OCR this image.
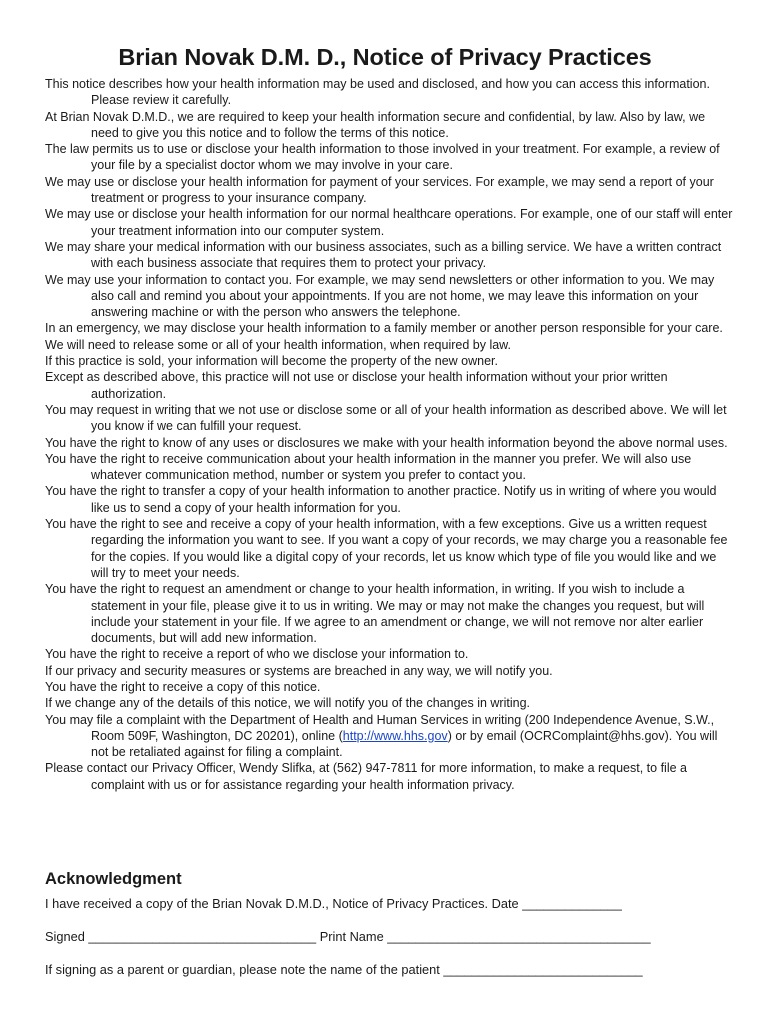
Brian Novak D.M. D., Notice of Privacy Practices

This notice describes how your health information may be used and disclosed, and how you can access this information. Please review it carefully.

At Brian Novak D.M.D., we are required to keep your health information secure and confidential, by law. Also by law, we need to give you this notice and to follow the terms of this notice.

The law permits us to use or disclose your health information to those involved in your treatment. For example, a review of your file by a specialist doctor whom we may involve in your care.

We may use or disclose your health information for payment of your services. For example, we may send a report of your treatment or progress to your insurance company.

We may use or disclose your health information for our normal healthcare operations. For example, one of our staff will enter your treatment information into our computer system.

We may share your medical information with our business associates, such as a billing service. We have a written contract with each business associate that requires them to protect your privacy.

We may use your information to contact you. For example, we may send newsletters or other information to you. We may also call and remind you about your appointments. If you are not home, we may leave this information on your answering machine or with the person who answers the telephone.

In an emergency, we may disclose your health information to a family member or another person responsible for your care.

We will need to release some or all of your health information, when required by law.

If this practice is sold, your information will become the property of the new owner.

Except as described above, this practice will not use or disclose your health information without your prior written authorization.

You may request in writing that we not use or disclose some or all of your health information as described above. We will let you know if we can fulfill your request.

You have the right to know of any uses or disclosures we make with your health information beyond the above normal uses.

You have the right to receive communication about your health information in the manner you prefer. We will also use whatever communication method, number or system you prefer to contact you.

You have the right to transfer a copy of your health information to another practice. Notify us in writing of where you would like us to send a copy of your health information for you.

You have the right to see and receive a copy of your health information, with a few exceptions. Give us a written request regarding the information you want to see. If you want a copy of your records, we may charge you a reasonable fee for the copies. If you would like a digital copy of your records, let us know which type of file you would like and we will try to meet your needs.

You have the right to request an amendment or change to your health information, in writing. If you wish to include a statement in your file, please give it to us in writing. We may or may not make the changes you request, but will include your statement in your file. If we agree to an amendment or change, we will not remove nor alter earlier documents, but will add new information.

You have the right to receive a report of who we disclose your information to.

If our privacy and security measures or systems are breached in any way, we will notify you.

You have the right to receive a copy of this notice.

If we change any of the details of this notice, we will notify you of the changes in writing.

You may file a complaint with the Department of Health and Human Services in writing (200 Independence Avenue, S.W., Room 509F, Washington, DC 20201), online (http://www.hhs.gov) or by email (OCRComplaint@hhs.gov). You will not be retaliated against for filing a complaint.

Please contact our Privacy Officer, Wendy Slifka, at (562) 947-7811 for more information, to make a request, to file a complaint with us or for assistance regarding your health information privacy.

Acknowledgment
I have received a copy of the Brian Novak D.M.D., Notice of Privacy Practices. Date ______________
Signed ________________________________ Print Name _____________________________________
If signing as a parent or guardian, please note the name of the patient ____________________________
